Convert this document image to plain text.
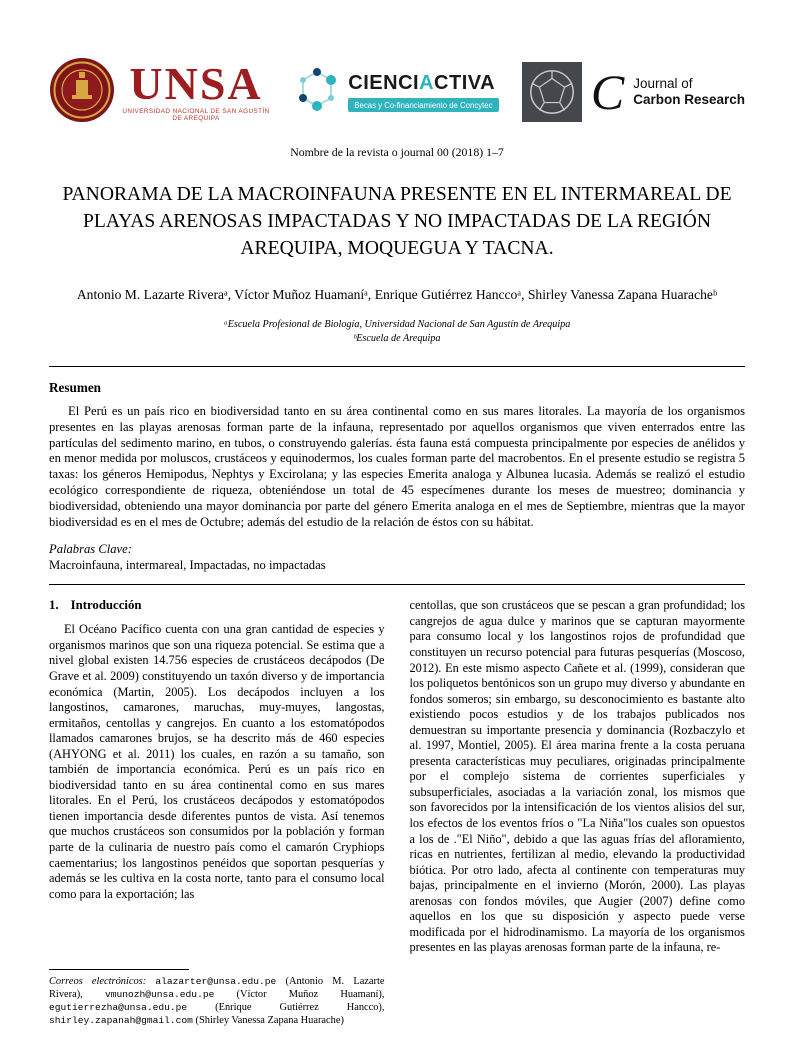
UNSA
UNIVERSIDAD NACIONAL DE SAN AGUSTÍN DE AREQUIPA
CIENCIACTIVA
Becas y Co-financiamiento de Concytec C Journal of
Carbon Research
Nombre de la revista o journal 00 (2018) 1–7
PANORAMA DE LA MACROINFAUNA PRESENTE EN EL INTERMAREAL DE PLAYAS ARENOSAS IMPACTADAS Y NO IMPACTADAS DE LA REGIÓN AREQUIPA, MOQUEGUA Y TACNA.
Antonio M. Lazarte Riveraᵃ, Víctor Muñoz Huamaníᵃ, Enrique Gutiérrez Hanccoᵃ, Shirley Vanessa Zapana Huaracheᵇ
ᵃEscuela Profesional de Biología, Universidad Nacional de San Agustín de Arequipa
ᵇEscuela de Arequipa
Resumen

El Perú es un país rico en biodiversidad tanto en su área continental como en sus mares litorales. La mayoría de los organismos presentes en las playas arenosas forman parte de la infauna, representado por aquellos organismos que viven enterrados entre las partículas del sedimento marino, en tubos, o construyendo galerías. ésta fauna está compuesta principalmente por especies de anélidos y en menor medida por moluscos, crustáceos y equinodermos, los cuales forman parte del macrobentos. En el presente estudio se registra 5 taxas: los géneros Hemipodus, Nephtys y Excirolana; y las especies Emerita analoga y Albunea lucasia. Además se realizó el estudio ecológico correspondiente de riqueza, obteniéndose un total de 45 especímenes durante los meses de muestreo; dominancia y biodiversidad, obteniendo una mayor dominancia por parte del género Emerita analoga en el mes de Septiembre, mientras que la mayor biodiversidad es en el mes de Octubre; además del estudio de la relación de éstos con su hábitat.

Palabras Clave:

Macroinfauna, intermareal, Impactadas, no impactadas

1. Introducción

El Océano Pacífico cuenta con una gran cantidad de especies y organismos marinos que son una riqueza potencial. Se estima que a nivel global existen 14.756 especies de crustáceos decápodos (De Grave et al. 2009) constituyendo un taxón diverso y de importancia económica (Martin, 2005). Los decápodos incluyen a los langostinos, camarones, maruchas, muy-muyes, langostas, ermitaños, centollas y cangrejos. En cuanto a los estomatópodos llamados camarones brujos, se ha descrito más de 460 especies (AHYONG et al. 2011) los cuales, en razón a su tamaño, son también de importancia económica. Perú es un país rico en biodiversidad tanto en su área continental como en sus mares litorales. En el Perú, los crustáceos decápodos y estomatópodos tienen importancia desde diferentes puntos de vista. Así tenemos que muchos crustáceos son consumidos por la población y forman parte de la culinaria de nuestro país como el camarón Cryphiops caementarius; los langostinos penéidos que soportan pesquerías y además se les cultiva en la costa norte, tanto para el consumo local como para la exportación; las

Correos electrónicos: alazarter@unsa.edu.pe (Antonio M. Lazarte Rivera), vmunozh@unsa.edu.pe (Víctor Muñoz Huamaní), egutierrezha@unsa.edu.pe (Enrique Gutiérrez Hancco), shirley.zapanah@gmail.com (Shirley Vanessa Zapana Huarache)

centollas, que son crustáceos que se pescan a gran profundidad; los cangrejos de agua dulce y marinos que se capturan mayormente para consumo local y los langostinos rojos de profundidad que constituyen un recurso potencial para futuras pesquerías (Moscoso, 2012). En este mismo aspecto Cañete et al. (1999), consideran que los poliquetos bentónicos son un grupo muy diverso y abundante en fondos someros; sin embargo, su desconocimiento es bastante alto existiendo pocos estudios y de los trabajos publicados nos demuestran su importante presencia y dominancia (Rozbaczylo et al. 1997, Montiel, 2005). El área marina frente a la costa peruana presenta características muy peculiares, originadas principalmente por el complejo sistema de corrientes superficiales y subsuperficiales, asociadas a la variación zonal, los mismos que son favorecidos por la intensificación de los vientos alisios del sur, los efectos de los eventos fríos o "La Niña"los cuales son opuestos a los de ."El Niño", debido a que las aguas frías del afloramiento, ricas en nutrientes, fertilizan al medio, elevando la productividad biótica. Por otro lado, afecta al continente con temperaturas muy bajas, principalmente en el invierno (Morón, 2000). Las playas arenosas con fondos móviles, que Augier (2007) define como aquellos en los que su disposición y aspecto puede verse modificada por el hidrodinamismo. La mayoría de los organismos presentes en las playas arenosas forman parte de la infauna, re-
